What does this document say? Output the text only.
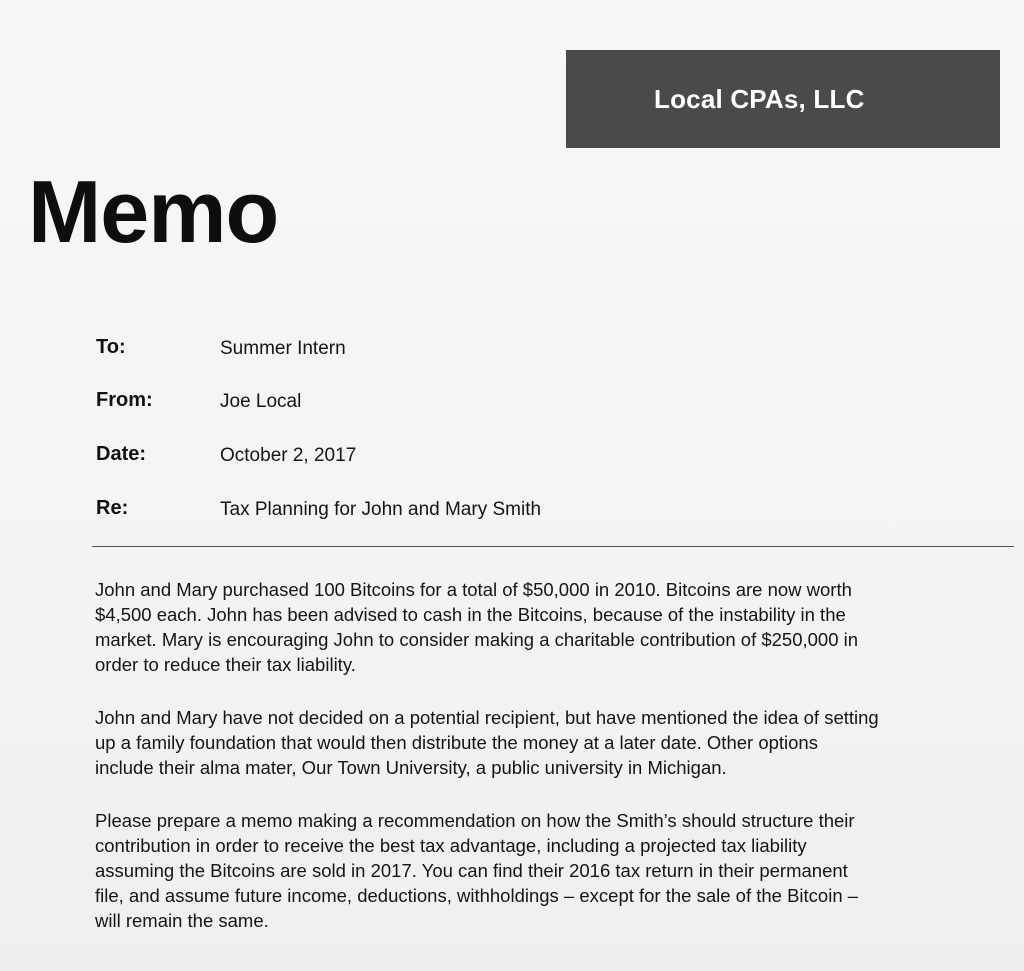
Local CPAs, LLC
Memo
To:	Summer Intern
From:	Joe Local
Date:	October 2, 2017
Re:	Tax Planning for John and Mary Smith
John and Mary purchased 100 Bitcoins for a total of $50,000 in 2010. Bitcoins are now worth
$4,500 each. John has been advised to cash in the Bitcoins, because of the instability in the
market. Mary is encouraging John to consider making a charitable contribution of $250,000 in
order to reduce their tax liability.
John and Mary have not decided on a potential recipient, but have mentioned the idea of setting
up a family foundation that would then distribute the money at a later date. Other options
include their alma mater, Our Town University, a public university in Michigan.
Please prepare a memo making a recommendation on how the Smith’s should structure their
contribution in order to receive the best tax advantage, including a projected tax liability
assuming the Bitcoins are sold in 2017. You can find their 2016 tax return in their permanent
file, and assume future income, deductions, withholdings – except for the sale of the Bitcoin –
will remain the same.
